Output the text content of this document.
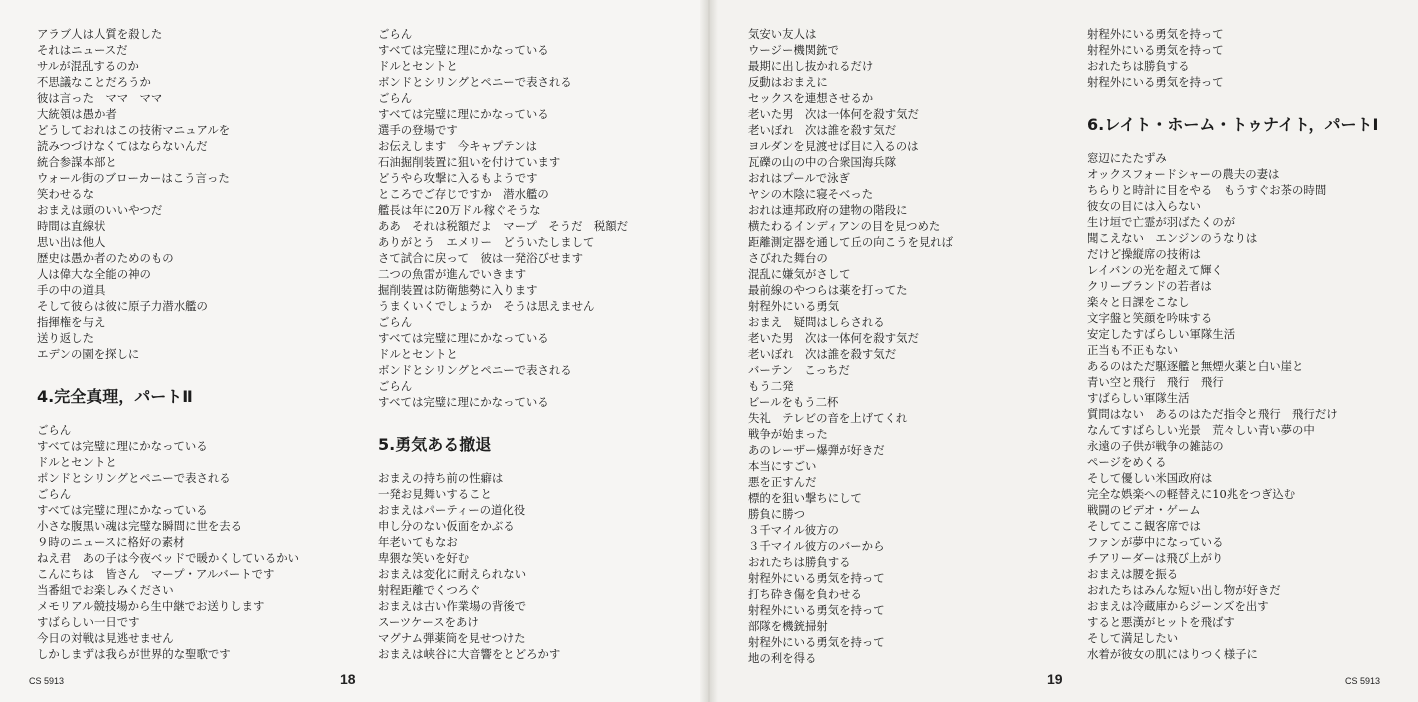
アラブ人は人質を殺した
それはニュースだ
サルが混乱するのか
不思議なことだろうか
彼は言った　ママ　ママ
大統領は愚か者
どうしておれはこの技術マニュアルを
読みつづけなくてはならないんだ
統合参謀本部と
ウォール街のブローカーはこう言った
笑わせるな
おまえは頭のいいやつだ
時間は直線状
思い出は他人
歴史は愚か者のためのもの
人は偉大な全能の神の
手の中の道具
そして彼らは彼に原子力潜水艦の
指揮権を与え
送り返した
エデンの園を探しに
4.完全真理，パートⅡ
ごらん
すべては完璧に理にかなっている
ドルとセントと
ポンドとシリングとペニーで表される
ごらん
すべては完璧に理にかなっている
小さな腹黒い魂は完璧な瞬間に世を去る
９時のニュースに格好の素材
ねえ君　あの子は今夜ベッドで暖かくしているかい
こんにちは　皆さん　マープ・アルバートです
当番組でお楽しみください
メモリアル競技場から生中継でお送りします
すばらしい一日です
今日の対戦は見逃せません
しかしまずは我らが世界的な聖歌です
ごらん
すべては完璧に理にかなっている
ドルとセントと
ボンドとシリングとペニーで表される
ごらん
すべては完璧に理にかなっている
選手の登場です
お伝えします　今キャプテンは
石油掘削装置に狙いを付けています
どうやら攻撃に入るもようです
ところでご存じですか　潜水艦の
艦長は年に20万ドル稼ぐそうな
ああ　それは税額だよ　マープ　そうだ　税額だ
ありがとう　エメリー　どういたしまして
さて試合に戻って　彼は一発浴びせます
二つの魚雷が進んでいきます
掘削装置は防衛態勢に入ります
うまくいくでしょうか　そうは思えません
ごらん
すべては完璧に理にかなっている
ドルとセントと
ボンドとシリングとペニーで表される
ごらん
すべては完璧に理にかなっている
5.勇気ある撤退
おまえの持ち前の性癖は
一発お見舞いすること
おまえはパーティーの道化役
申し分のない仮面をかぶる
年老いてもなお
卑猥な笑いを好む
おまえは変化に耐えられない
射程距離でくつろぐ
おまえは古い作業場の背後で
スーツケースをあけ
マグナム弾薬筒を見せつけた
おまえは峡谷に大音響をとどろかす
気安い友人は
ウージー機関銃で
最期に出し抜かれるだけ
反動はおまえに
セックスを連想させるか
老いた男　次は一体何を殺す気だ
老いぼれ　次は誰を殺す気だ
ヨルダンを見渡せば目に入るのは
瓦礫の山の中の合衆国海兵隊
おれはプールで泳ぎ
ヤシの木陰に寝そべった
おれは連邦政府の建物の階段に
横たわるインディアンの目を見つめた
距離測定器を通して丘の向こうを見れば
さびれた舞台の
混乱に嫌気がさして
最前線のやつらは薬を打ってた
射程外にいる勇気
おまえ　疑問はしらされる
老いた男　次は一体何を殺す気だ
老いぼれ　次は誰を殺す気だ
バーテン　こっちだ
もう二発
ビールをもう二杯
失礼　テレビの音を上げてくれ
戦争が始まった
あのレーザー爆弾が好きだ
本当にすごい
悪を正すんだ
標的を狙い撃ちにして
勝負に勝つ
３千マイル彼方の
３千マイル彼方のバーから
おれたちは勝負する
射程外にいる勇気を持って
打ち砕き傷を負わせる
射程外にいる勇気を持って
部隊を機銃掃射
射程外にいる勇気を持って
地の利を得る
射程外にいる勇気を持って
射程外にいる勇気を持って
おれたちは勝負する
射程外にいる勇気を持って
6.レイト・ホーム・トゥナイト，パートⅠ
窓辺にたたずみ
オックスフォードシャーの農夫の妻は
ちらりと時計に目をやる　もうすぐお茶の時間
彼女の目には入らない
生け垣で亡霊が羽ばたくのが
聞こえない　エンジンのうなりは
だけど操縦席の技術は
レイバンの光を超えて輝く
クリーブランドの若者は
楽々と日課をこなし
文字盤と笑顔を吟味する
安定したすばらしい軍隊生活
正当も不正もない
あるのはただ駆逐艦と無煙火薬と白い崖と
青い空と飛行　飛行　飛行
すばらしい軍隊生活
質問はない　あるのはただ指令と飛行　飛行だけ
なんてすばらしい光景　荒々しい青い夢の中
永遠の子供が戦争の雑誌の
ページをめくる
そして優しい米国政府は
完全な娯楽への軽替えに10兆をつぎ込む
戦闘のビデオ・ゲーム
そしてここ観客席では
ファンが夢中になっている
チアリーダーは飛び上がり
おまえは腰を振る
おれたちはみんな短い出し物が好きだ
おまえは冷蔵庫からジーンズを出す
すると悪漢がヒットを飛ばす
そして満足したい
水着が彼女の肌にはりつく様子に
CS 5913	18	19	CS 5913
